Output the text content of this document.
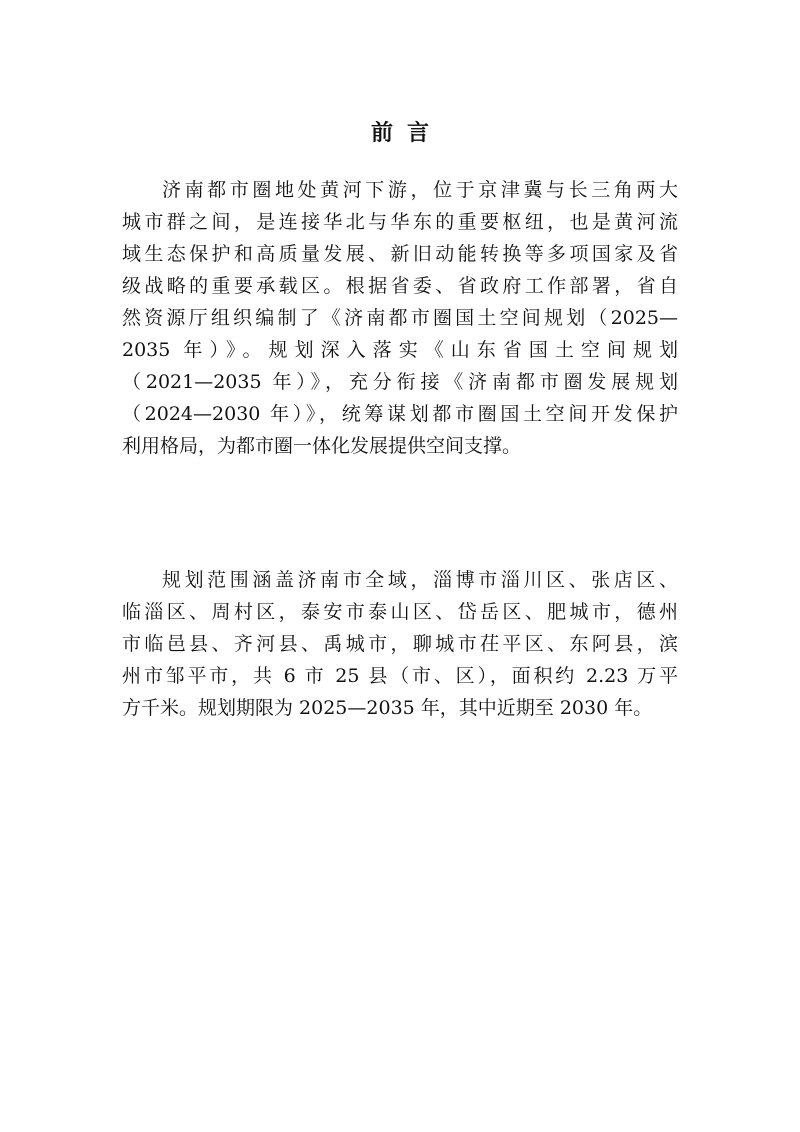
前言
济南都市圈地处黄河下游，位于京津冀与长三角两大
城市群之间，是连接华北与华东的重要枢纽，也是黄河流
域生态保护和高质量发展、新旧动能转换等多项国家及省
级战略的重要承载区。根据省委、省政府工作部署，省自
然资源厅组织编制了《济南都市圈国土空间规划（2025—
2035 年）》。规划深入落实《山东省国土空间规划
（2021—2035 年）》，充分衔接《济南都市圈发展规划
（2024—2030 年）》，统筹谋划都市圈国土空间开发保护
利用格局，为都市圈一体化发展提供空间支撑。
规划范围涵盖济南市全域，淄博市淄川区、张店区、
临淄区、周村区，泰安市泰山区、岱岳区、肥城市，德州
市临邑县、齐河县、禹城市，聊城市茌平区、东阿县，滨
州市邹平市，共 6 市 25 县（市、区），面积约 2.23 万平
方千米。规划期限为 2025—2035 年，其中近期至 2030 年。
